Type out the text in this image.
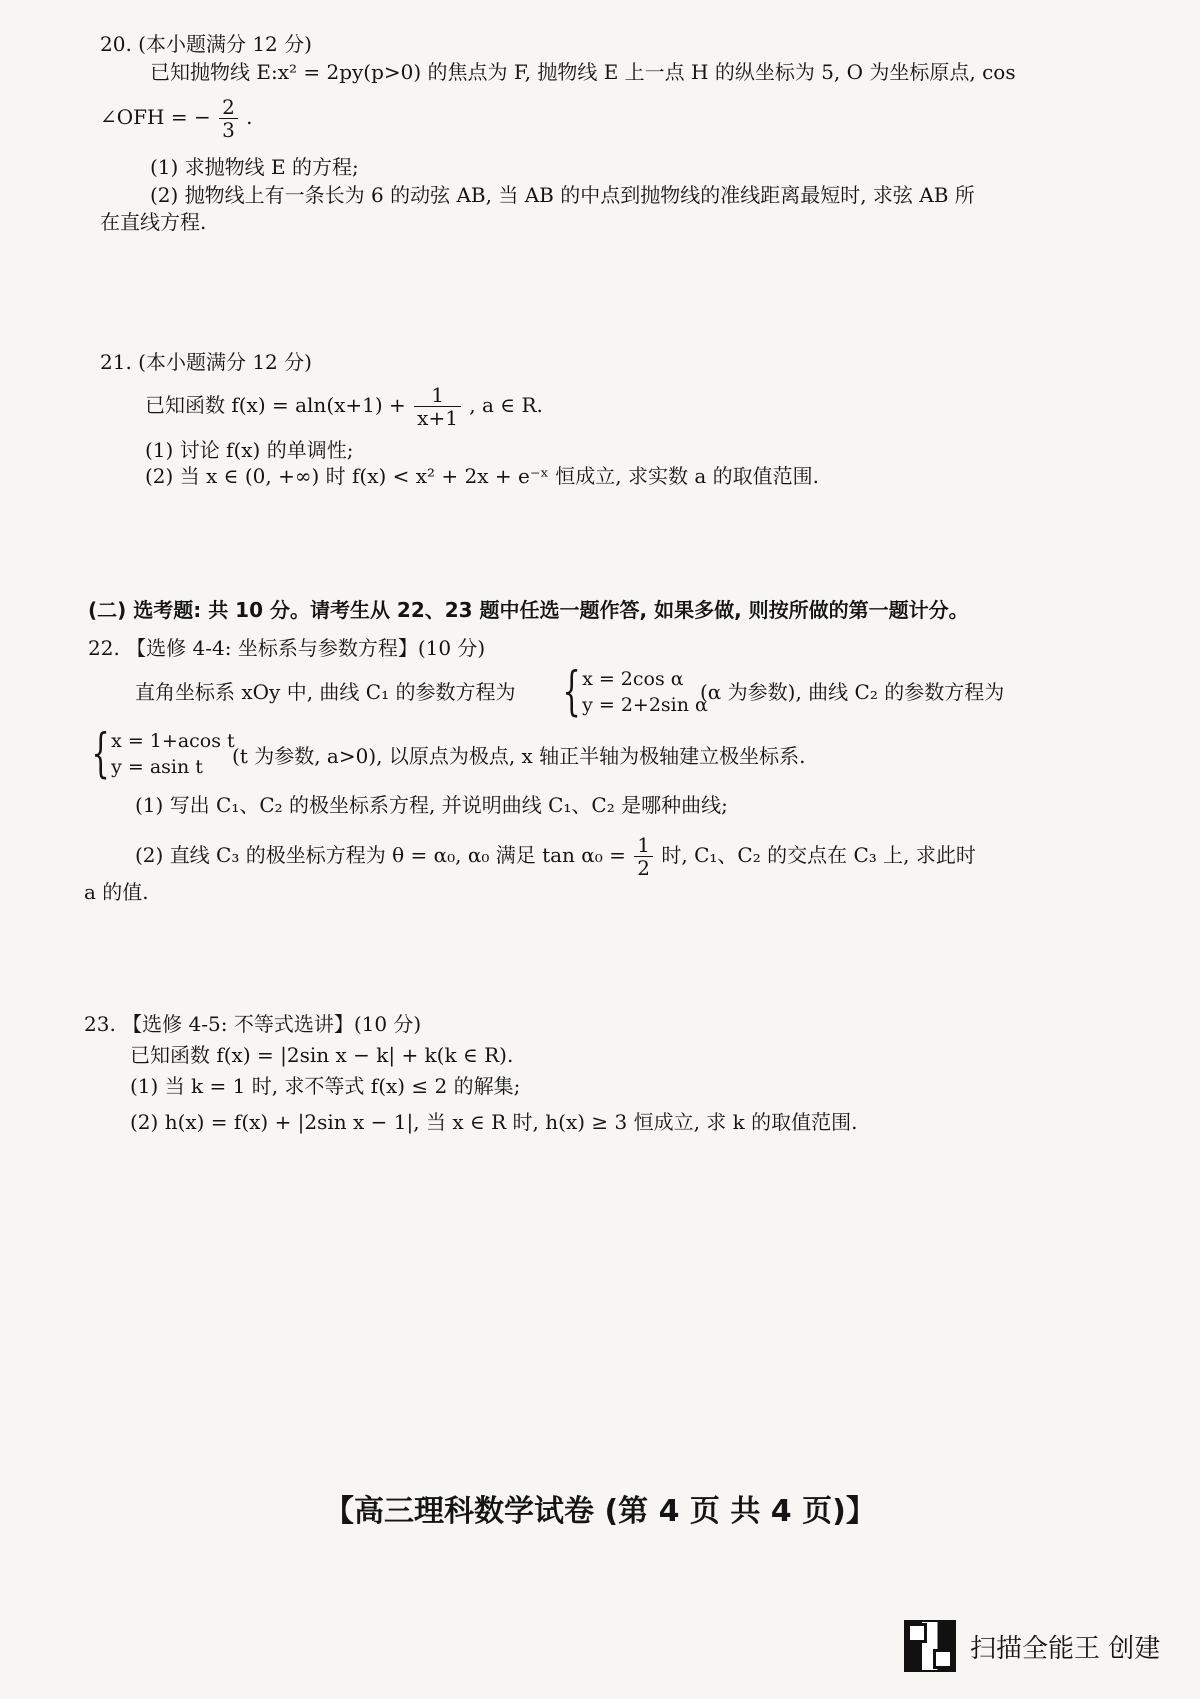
20. (本小题满分 12 分)
已知抛物线 E:x² = 2py(p>0) 的焦点为 F, 抛物线 E 上一点 H 的纵坐标为 5, O 为坐标原点, cos
∠OFH = − $\frac{2}{3}$ .
(1) 求抛物线 E 的方程;
(2) 抛物线上有一条长为 6 的动弦 AB, 当 AB 的中点到抛物线的准线距离最短时, 求弦 AB 所
在直线方程.
21. (本小题满分 12 分)
已知函数 $f(x) = aln(x+1) + \frac{1}{x+1}$ , a ∈ R.
(1) 讨论 f(x) 的单调性;
(2) 当 x ∈ (0, +∞) 时 f(x) < x² + 2x + e⁻ˣ 恒成立, 求实数 a 的取值范围.
(二) 选考题: 共 10 分。请考生从 22、23 题中任选一题作答, 如果多做, 则按所做的第一题计分。
22. 【选修 4-4: 坐标系与参数方程】(10 分)
直角坐标系 xOy 中, 曲线 C₁ 的参数方程为 { x = 2cos α
y = 2+2sin α
(α 为参数), 曲线 C₂ 的参数方程为
{ x = 1+acos t
y = asin t	(t 为参数, a>0), 以原点为极点, x 轴正半轴为极轴建立极坐标系.
(1) 写出 C₁、C₂ 的极坐标系方程, 并说明曲线 C₁、C₂ 是哪种曲线;
(2) 直线 C₃ 的极坐标方程为 θ = α₀, α₀ 满足 $\tan \alpha_0 = \frac{1}{2}$ 时, C₁、C₂ 的交点在 C₃ 上, 求此时
a 的值.
23. 【选修 4-5: 不等式选讲】(10 分)
已知函数 f(x) = |2sin x − k| + k(k ∈ R).
(1) 当 k = 1 时, 求不等式 f(x) ≤ 2 的解集;
(2) h(x) = f(x) + |2sin x − 1|, 当 x ∈ R 时, h(x) ≥ 3 恒成立, 求 k 的取值范围.
【高三理科数学试卷 (第 4 页 共 4 页)】
扫描全能王 创建
